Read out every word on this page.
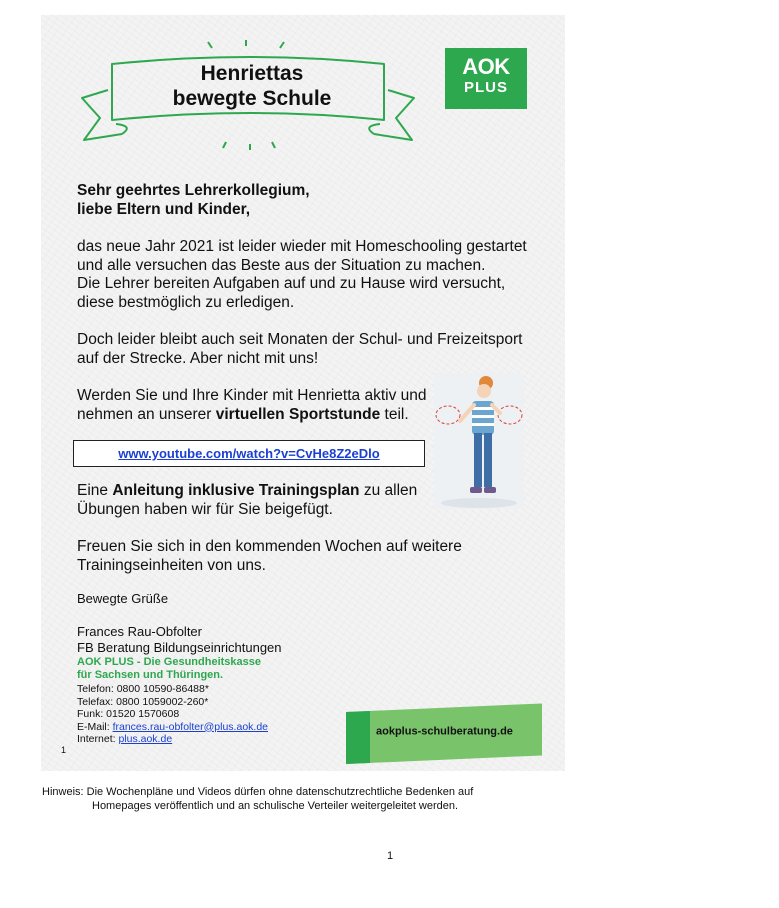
Henriettas
bewegte Schule
AOK
PLUS
Sehr geehrtes Lehrerkollegium,
liebe Eltern und Kinder,
das neue Jahr 2021 ist leider wieder mit Homeschooling gestartet
und alle versuchen das Beste aus der Situation zu machen.
Die Lehrer bereiten Aufgaben auf und zu Hause wird versucht,
diese bestmöglich zu erledigen.
Doch leider bleibt auch seit Monaten der Schul- und Freizeitsport
auf der Strecke. Aber nicht mit uns!
Werden Sie und Ihre Kinder mit Henrietta aktiv und
nehmen an unserer virtuellen Sportstunde teil.
www.youtube.com/watch?v=CvHe8Z2eDlo
Eine Anleitung inklusive Trainingsplan zu allen
Übungen haben wir für Sie beigefügt.
Freuen Sie sich in den kommenden Wochen auf weitere
Trainingseinheiten von uns.
Bewegte Grüße
Frances Rau-Obfolter
FB Beratung Bildungseinrichtungen
AOK PLUS - Die Gesundheitskasse
für Sachsen und Thüringen.
Telefon: 0800 10590-86488*
Telefax: 0800 1059002-260*
Funk: 01520 1570608
E-Mail: frances.rau-obfolter@plus.aok.de
Internet: plus.aok.de
aokplus-schulberatung.de
1
Hinweis: Die Wochenpläne und Videos dürfen ohne datenschutzrechtliche Bedenken auf
Homepages veröffentlich und an schulische Verteiler weitergeleitet werden.
1
